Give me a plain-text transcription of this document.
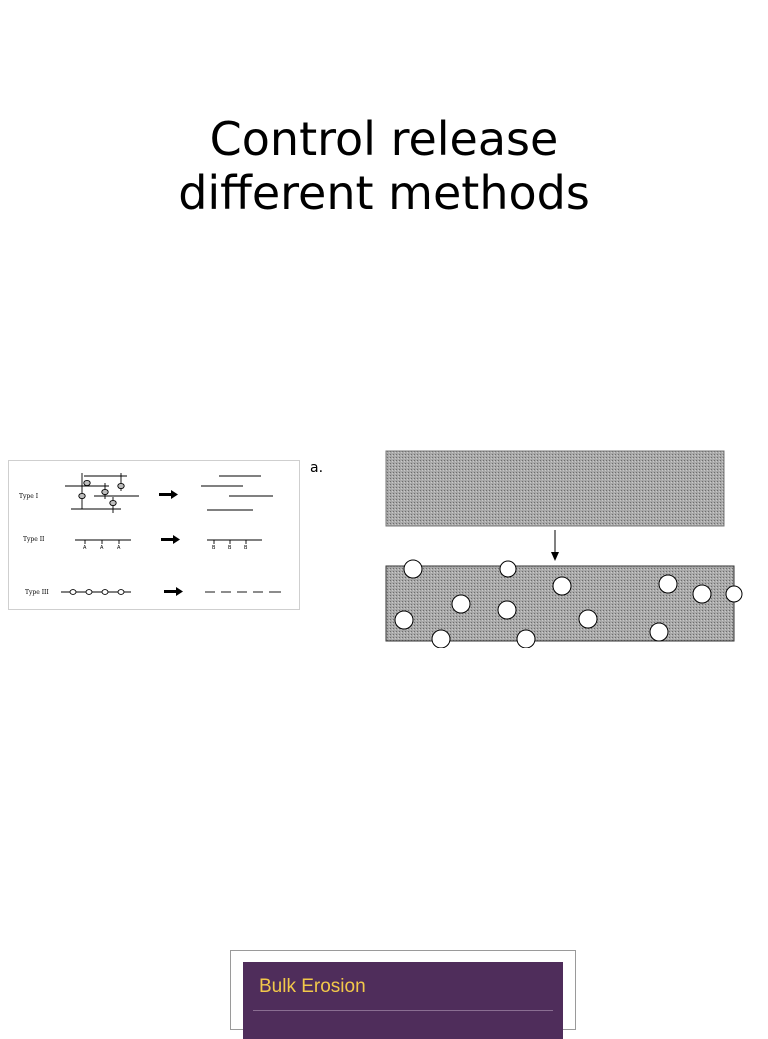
Control release
different methods
Type I
Type II
Type III
A	A	A	B	B	B
a.
Bulk Erosion
